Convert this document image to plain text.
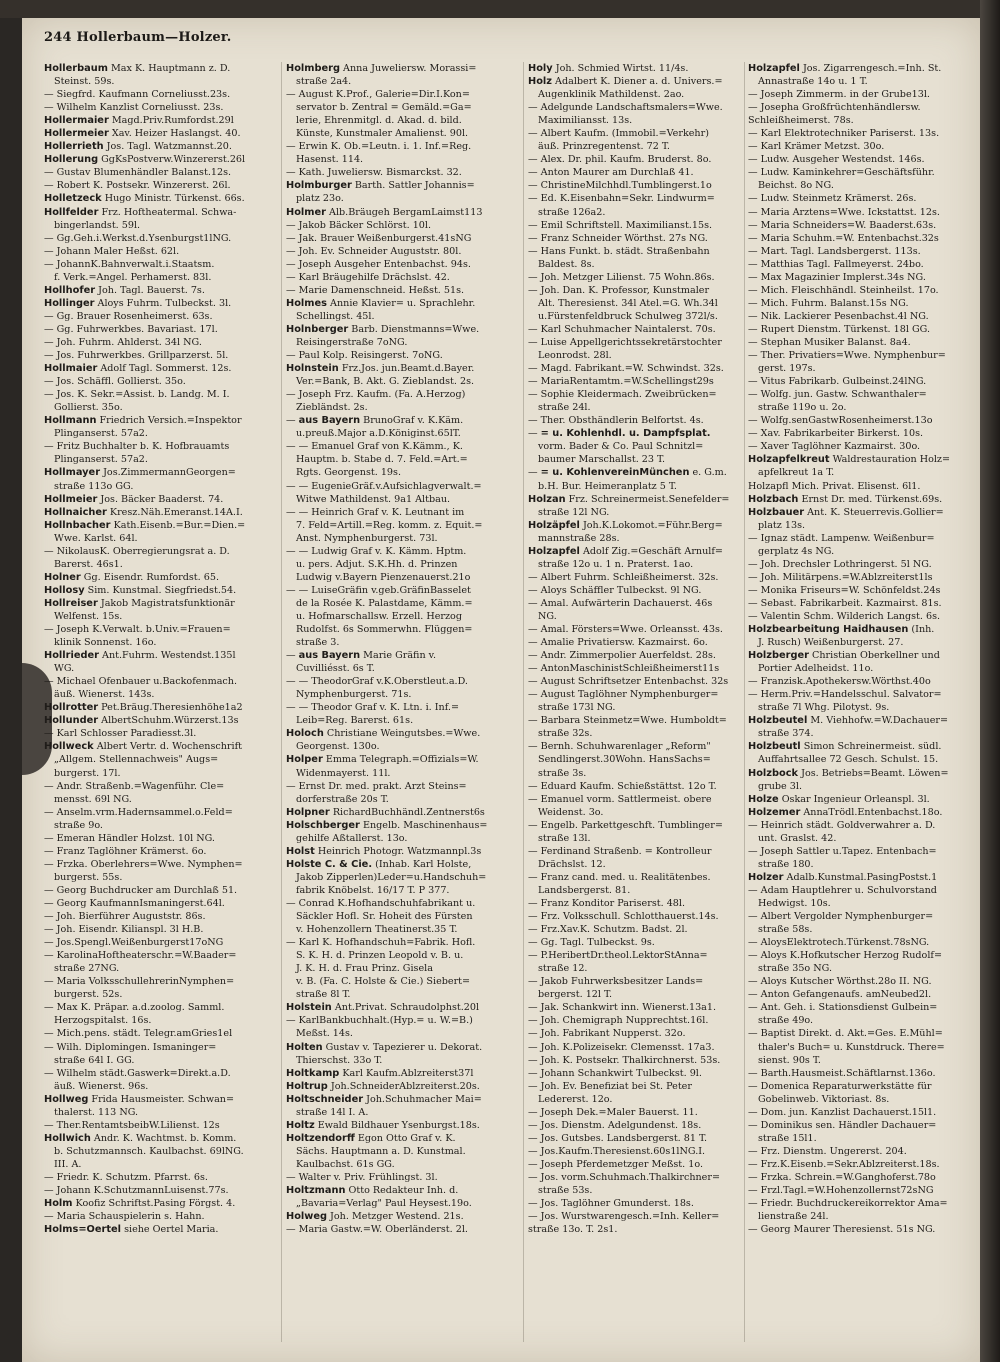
244 Hollerbaum—Holzer.
Hollerbaum Max K. Hauptmann z. D.
Steinst. 59s.
— Siegfrd. Kaufmann Corneliusst.23s.
— Wilhelm Kanzlist Corneliusst. 23s.
Hollermaier Magd.Priv.Rumfordst.29l
Hollermeier Xav. Heizer Haslangst. 40.
Hollerrieth Jos. Tagl. Watzmannst.20.
Hollerung GgKsPostverw.Winzererst.26l
— Gustav Blumenhändler Balanst.12s.
— Robert K. Postsekr. Winzererst. 26l.
Holletzeck Hugo Ministr. Türkenst. 66s.
Hollfelder Frz. Hoftheatermal. Schwa-
bingerlandst. 59l.
— Gg.Geh.i.Werkst.d.Ysenburgst1lNG.
— Johann Maler Heßst. 62l.
— JohannK.Bahnverwalt.i.Staatsm.
f. Verk.=Angel. Perhamerst. 83l.
Hollhofer Joh. Tagl. Bauerst. 7s.
Hollinger Aloys Fuhrm. Tulbeckst. 3l.
— Gg. Brauer Rosenheimerst. 63s.
— Gg. Fuhrwerkbes. Bavariast. 17l.
— Joh. Fuhrm. Ahlderst. 34l NG.
— Jos. Fuhrwerkbes. Grillparzerst. 5l.
Hollmaier Adolf Tagl. Sommerst. 12s.
— Jos. Schäffl. Gollierst. 35o.
— Jos. K. Sekr.=Assist. b. Landg. M. I.
Gollierst. 35o.
Hollmann Friedrich Versich.=Inspektor
Plinganserst. 57a2.
— Fritz Buchhalter b. K. Hofbrauamts
Plinganserst. 57a2.
Hollmayer Jos.ZimmermannGeorgen=
straße 113o GG.
Hollmeier Jos. Bäcker Baaderst. 74.
Hollnaicher Kresz.Näh.Emeranst.14A.I.
Hollnbacher Kath.Eisenb.=Bur.=Dien.=
Wwe. Karlst. 64l.
— NikolausK. Oberregierungsrat a. D.
Barerst. 46s1.
Holner Gg. Eisendr. Rumfordst. 65.
Hollosy Sim. Kunstmal. Siegfriedst.54.
Hollreiser Jakob Magistratsfunktionär
Welfenst. 15s.
— Joseph K.Verwalt. b.Univ.=Frauen=
klinik Sonnenst. 16o.
Hollrieder Ant.Fuhrm. Westendst.135l
WG.
— Michael Ofenbauer u.Backofenmach.
äuß. Wienerst. 143s.
Hollrotter Pet.Bräug.Theresienhöhe1a2
Hollunder AlbertSchuhm.Würzerst.13s
— Karl Schlosser Paradiesst.3l.
Hollweck Albert Vertr. d. Wochenschrift
„Allgem. Stellennachweis" Augs=
burgerst. 17l.
— Andr. Straßenb.=Wagenführ. Cle=
mensst. 69l NG.
— Anselm.vrm.Hadernsammel.o.Feld=
straße 9o.
— Emeran Händler Holzst. 10l NG.
— Franz Taglöhner Krämerst. 6o.
— Frzka. Oberlehrers=Wwe. Nymphen=
burgerst. 55s.
— Georg Buchdrucker am Durchlaß 51.
— Georg KaufmannIsmaningerst.64l.
— Joh. Bierführer Auguststr. 86s.
— Joh. Eisendr. Kilianspl. 3l H.B.
— Jos.Spengl.Weißenburgerst17oNG
— KarolinaHoftheaterschr.=W.Baader=
straße 27NG.
— Maria VolksschullehrerinNymphen=
burgerst. 52s.
— Max K. Präpar. a.d.zoolog. Samml.
Herzogspitalst. 16s.
— Mich.pens. städt. Telegr.amGries1el
— Wilh. Diplomingen. Ismaninger=
straße 64l I. GG.
— Wilhelm städt.Gaswerk=Direkt.a.D.
äuß. Wienerst. 96s.
Hollweg Frida Hausmeister. Schwan=
thalerst. 113 NG.
— Ther.RentamtsbeibW.Lilienst. 12s
Hollwich Andr. K. Wachtmst. b. Komm.
b. Schutzmannsch. Kaulbachst. 69lNG.
III. A.
— Friedr. K. Schutzm. Pfarrst. 6s.
— Johann K.SchutzmannLuisenst.77s.
Holm Koofiz Schriftst.Pasing Förgst. 4.
— Maria Schauspielerin s. Hahn.
Holms=Oertel siehe Oertel Maria.
Holmberg Anna Juweliersw. Morassi=
straße 2a4.
— August K.Prof., Galerie=Dir.I.Kon=
servator b. Zentral = Gemäld.=Ga=
lerie, Ehrenmitgl. d. Akad. d. bild.
Künste, Kunstmaler Amalienst. 90l.
— Erwin K. Ob.=Leutn. i. 1. Inf.=Reg.
Hasenst. 114.
— Kath. Juweliersw. Bismarckst. 32.
Holmburger Barth. Sattler Johannis=
platz 23o.
Holmer Alb.Bräugeh BergamLaimst113
— Jakob Bäcker Schlörst. 10l.
— Jak. Brauer Weißenburgerst.41sNG
— Joh. Ev. Schneider Auguststr. 80l.
— Joseph Ausgeher Entenbachst. 94s.
— Karl Bräugehilfe Drächslst. 42.
— Marie Damenschneid. Heßst. 51s.
Holmes Annie Klavier= u. Sprachlehr.
Schellingst. 45l.
Holnberger Barb. Dienstmanns=Wwe.
Reisingerstraße 7oNG.
— Paul Kolp. Reisingerst. 7oNG.
Holnstein Frz.Jos. jun.Beamt.d.Bayer.
Ver.=Bank, B. Akt. G. Zieblandst. 2s.
— Joseph Frz. Kaufm. (Fa. A.Herzog)
Ziebländst. 2s.
— aus Bayern BrunoGraf v. K.Käm.
u.preuß.Major a.D.Königinst.65lT.
— — Emanuel Graf von K.Kämm., K.
Hauptm. b. Stabe d. 7. Feld.=Art.=
Rgts. Georgenst. 19s.
— — EugenieGräf.v.Aufsichlagverwalt.=
Witwe Mathildenst. 9a1 Altbau.
— — Heinrich Graf v. K. Leutnant im
7. Feld=Artill.=Reg. komm. z. Equit.=
Anst. Nymphenburgerst. 73l.
— — Ludwig Graf v. K. Kämm. Hptm.
u. pers. Adjut. S.K.Hh. d. Prinzen
Ludwig v.Bayern Pienzenauerst.21o
— — LuiseGräfin v.geb.GräfinBasselet
de la Rosée K. Palastdame, Kämm.=
u. Hofmarschallsw. Erzell. Herzog
Rudolfst. 6s Sommerwhn. Flüggen=
straße 3.
— aus Bayern Marie Gräfin v.
Cuvilliésst. 6s T.
— — TheodorGraf v.K.Oberstleut.a.D.
Nymphenburgerst. 71s.
— — Theodor Graf v. K. Ltn. i. Inf.=
Leib=Reg. Barerst. 61s.
Holoch Christiane Weingutsbes.=Wwe.
Georgenst. 130o.
Holper Emma Telegraph.=Offizials=W.
Widenmayerst. 11l.
— Ernst Dr. med. prakt. Arzt Steins=
dorferstraße 20s T.
Holpner RichardBuchhändl.Zentnerst6s
Holschberger Engelb. Maschinenhaus=
gehilfe Aßtallerst. 13o.
Holst Heinrich Photogr. Watzmannpl.3s
Holste C. & Cie. (Inhab. Karl Holste,
Jakob Zipperlen)Leder=u.Handschuh=
fabrik Knöbelst. 16/17 T. P 377.
— Conrad K.Hofhandschuhfabrikant u.
Säckler Hofl. Sr. Hoheit des Fürsten
v. Hohenzollern Theatinerst.35 T.
— Karl K. Hofhandschuh=Fabrik. Hofl.
S. K. H. d. Prinzen Leopold v. B. u.
J. K. H. d. Frau Prinz. Gisela
v. B. (Fa. C. Holste & Cie.) Siebert=
straße 8l T.
Holstein Ant.Privat. Schraudolphst.20l
— KarlBankbuchhalt.(Hyp.= u. W.=B.)
Meßst. 14s.
Holten Gustav v. Tapezierer u. Dekorat.
Thierschst. 33o T.
Holtkamp Karl Kaufm.Ablzreiterst37l
Holtrup Joh.SchneiderAblzreiterst.20s.
Holtschneider Joh.Schuhmacher Mai=
straße 14l I. A.
Holtz Ewald Bildhauer Ysenburgst.18s.
Holtzendorff Egon Otto Graf v. K.
Sächs. Hauptmann a. D. Kunstmal.
Kaulbachst. 61s GG.
— Walter v. Priv. Frühlingst. 3l.
Holtzmann Otto Redakteur Inh. d.
„Bavaria=Verlag" Paul Heysest.19o.
Holweg Joh. Metzger Westend. 21s.
— Maria Gastw.=W. Oberländerst. 2l.
Holy Joh. Schmied Wirtst. 11/4s.
Holz Adalbert K. Diener a. d. Univers.=
Augenklinik Mathildenst. 2ao.
— Adelgunde Landschaftsmalers=Wwe.
Maximiliansst. 13s.
— Albert Kaufm. (Immobil.=Verkehr)
äuß. Prinzregentenst. 72 T.
— Alex. Dr. phil. Kaufm. Bruderst. 8o.
— Anton Maurer am Durchlaß 41.
— ChristineMilchhdl.Tumblingerst.1o
— Ed. K.Eisenbahn=Sekr. Lindwurm=
straße 126a2.
— Emil Schriftstell. Maximilianst.15s.
— Franz Schneider Wörthst. 27s NG.
— Hans Funkt. b. städt. Straßenbahn
Baldest. 8s.
— Joh. Metzger Lilienst. 75 Wohn.86s.
— Joh. Dan. K. Professor, Kunstmaler
Alt. Theresienst. 34l Atel.=G. Wh.34l
u.Fürstenfeldbruck Schulweg 372l/s.
— Karl Schuhmacher Naintalerst. 70s.
— Luise Appellgerichtssekretärstochter
Leonrodst. 28l.
— Magd. Fabrikant.=W. Schwindst. 32s.
— MariaRentamtm.=W.Schellingst29s
— Sophie Kleidermach. Zweibrücken=
straße 24l.
— Ther. Obsthändlerin Belfortst. 4s.
— = u. Kohlenhdl. u. Dampfsplat.
vorm. Bader & Co. Paul Schnitzl=
baumer Marschallst. 23 T.
— = u. KohlenvereinMünchen e. G.m.
b.H. Bur. Heimeranplatz 5 T.
Holzan Frz. Schreinermeist.Senefelder=
straße 12l NG.
Holzäpfel Joh.K.Lokomot.=Führ.Berg=
mannstraße 28s.
Holzapfel Adolf Zig.=Geschäft Arnulf=
straße 12o u. 1 n. Praterst. 1ao.
— Albert Fuhrm. Schleißheimerst. 32s.
— Aloys Schäffler Tulbeckst. 9l NG.
— Amal. Aufwärterin Dachauerst. 46s
NG.
— Amal. Försters=Wwe. Orleansst. 43s.
— Amalie Privatiersw. Kazmairst. 6o.
— Andr. Zimmerpolier Auerfeldst. 28s.
— AntonMaschinistSchleißheimerst11s
— August Schriftsetzer Entenbachst. 32s
— August Taglöhner Nymphenburger=
straße 173l NG.
— Barbara Steinmetz=Wwe. Humboldt=
straße 32s.
— Bernh. Schuhwarenlager „Reform"
Sendlingerst.30Wohn. HansSachs=
straße 3s.
— Eduard Kaufm. Schießstättst. 12o T.
— Emanuel vorm. Sattlermeist. obere
Weidenst. 3o.
— Engelb. Parkettgeschft. Tumblinger=
straße 13l.
— Ferdinand Straßenb. = Kontrolleur
Drächslst. 12.
— Franz cand. med. u. Realitätenbes.
Landsbergerst. 81.
— Franz Konditor Pariserst. 48l.
— Frz. Volksschull. Schlotthauerst.14s.
— Frz.Xav.K. Schutzm. Badst. 2l.
— Gg. Tagl. Tulbeckst. 9s.
— P.HeribertDr.theol.LektorStAnna=
straße 12.
— Jakob Fuhrwerksbesitzer Lands=
bergerst. 12l T.
— Jak. Schankwirt inn. Wienerst.13a1.
— Joh. Chemigraph Nupprechtst.16l.
— Joh. Fabrikant Nupperst. 32o.
— Joh. K.Polizeisekr. Clemensst. 17a3.
— Joh. K. Postsekr. Thalkirchnerst. 53s.
— Johann Schankwirt Tulbeckst. 9l.
— Joh. Ev. Benefiziat bei St. Peter
Ledererst. 12o.
— Joseph Dek.=Maler Bauerst. 11.
— Jos. Dienstm. Adelgundenst. 18s.
— Jos. Gutsbes. Landsbergerst. 81 T.
— Jos.Kaufm.Theresienst.60s1lNG.I.
— Joseph Pferdemetzger Meßst. 1o.
— Jos. vorm.Schuhmach.Thalkirchner=
straße 53s.
— Jos. Taglöhner Gmunderst. 18s.
— Jos. Wurstwarengesch.=Inh. Keller=
straße 13o. T. 2s1.
Holzapfel Jos. Zigarrengesch.=Inh. St.
Annastraße 14o u. 1 T.
— Joseph Zimmerm. in der Grube13l.
— Josepha Großfrüchtenhändlersw.
Schleißheimerst. 78s.
— Karl Elektrotechniker Pariserst. 13s.
— Karl Krämer Metzst. 30o.
— Ludw. Ausgeher Westendst. 146s.
— Ludw. Kaminkehrer=Geschäftsführ.
Beichst. 8o NG.
— Ludw. Steinmetz Krämerst. 26s.
— Maria Arztens=Wwe. Ickstattst. 12s.
— Maria Schneiders=W. Baaderst.63s.
— Maria Schuhm.=W. Entenbachst.32s
— Mart. Tagl. Landsbergerst. 113s.
— Matthias Tagl. Fallmeyerst. 24bo.
— Max Magazinier Implerst.34s NG.
— Mich. Fleischhändl. Steinheilst. 17o.
— Mich. Fuhrm. Balanst.15s NG.
— Nik. Lackierer Pesenbachst.4l NG.
— Rupert Dienstm. Türkenst. 18l GG.
— Stephan Musiker Balanst. 8a4.
— Ther. Privatiers=Wwe. Nymphenbur=
gerst. 197s.
— Vitus Fabrikarb. Gulbeinst.24lNG.
— Wolfg. jun. Gastw. Schwanthaler=
straße 119o u. 2o.
— Wolfg.senGastwRosenheimerst.13o
— Xav. Fabrikarbeiter Birkerst. 10s.
— Xaver Taglöhner Kazmairst. 30o.
Holzapfelkreut Waldrestauration Holz=
apfelkreut 1a T.
Holzapfl Mich. Privat. Elisenst. 6l1.
Holzbach Ernst Dr. med. Türkenst.69s.
Holzbauer Ant. K. Steuerrevis.Gollier=
platz 13s.
— Ignaz städt. Lampenw. Weißenbur=
gerplatz 4s NG.
— Joh. Drechsler Lothringerst. 5l NG.
— Joh. Militärpens.=W.Ablzreiterst1ls
— Monika Friseurs=W. Schönfeldst.24s
— Sebast. Fabrikarbeit. Kazmairst. 81s.
— Valentin Schm. Wilderich Langst. 6s.
Holzbearbeitung Haidhausen (Inh.
J. Rusch) Weißenburgerst. 27.
Holzberger Christian Oberkellner und
Portier Adelheidst. 11o.
— Franzisk.Apothekersw.Wörthst.40o
— Herm.Priv.=Handelsschul. Salvator=
straße 7l Whg. Pilotyst. 9s.
Holzbeutel M. Viehhofw.=W.Dachauer=
straße 374.
Holzbeutl Simon Schreinermeist. südl.
Auffahrtsallee 72 Gesch. Schulst. 15.
Holzbock Jos. Betriebs=Beamt. Löwen=
grube 3l.
Holze Oskar Ingenieur Orleanspl. 3l.
Holzemer AnnaTrödl.Entenbachst.18o.
— Heinrich städt. Goldverwahrer a. D.
unt. Graslst. 42.
— Joseph Sattler u.Tapez. Entenbach=
straße 180.
Holzer Adalb.Kunstmal.PasingPostst.1
— Adam Hauptlehrer u. Schulvorstand
Hedwigst. 10s.
— Albert Vergolder Nymphenburger=
straße 58s.
— AloysElektrotech.Türkenst.78sNG.
— Aloys K.Hofkutscher Herzog Rudolf=
straße 35o NG.
— Aloys Kutscher Wörthst.28o II. NG.
— Anton Gefangenaufs. amNeubed2l.
— Ant. Geh. i. Stationsdienst Gulbein=
straße 49o.
— Baptist Direkt. d. Akt.=Ges. E.Mühl=
thaler's Buch= u. Kunstdruck. There=
sienst. 90s T.
— Barth.Hausmeist.Schäftlarnst.136o.
— Domenica Reparaturwerkstätte für
Gobelinweb. Viktoriast. 8s.
— Dom. jun. Kanzlist Dachauerst.15l1.
— Dominikus sen. Händler Dachauer=
straße 15l1.
— Frz. Dienstm. Ungererst. 204.
— Frz.K.Eisenb.=Sekr.Ablzreiterst.18s.
— Frzka. Schrein.=W.Ganghoferst.78o
— Frzl.Tagl.=W.Hohenzollernst72sNG
— Friedr. Buchdruckereikorrektor Ama=
lienstraße 24l.
— Georg Maurer Theresienst. 51s NG.
